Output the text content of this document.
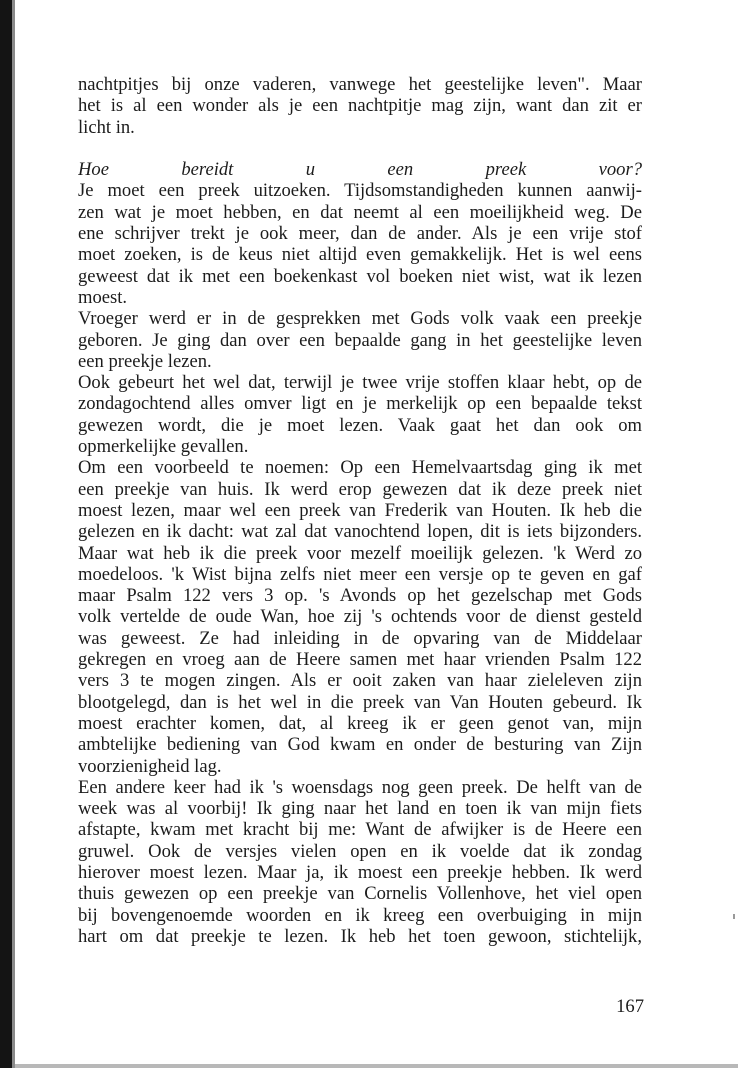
nachtpitjes bij onze vaderen, vanwege het geestelijke leven". Maar
het is al een wonder als je een nachtpitje mag zijn, want dan zit er
licht in.
Hoe bereidt u een preek voor?
Je moet een preek uitzoeken. Tijdsomstandigheden kunnen aanwij-
zen wat je moet hebben, en dat neemt al een moeilijkheid weg. De
ene schrijver trekt je ook meer, dan de ander. Als je een vrije stof
moet zoeken, is de keus niet altijd even gemakkelijk. Het is wel eens
geweest dat ik met een boekenkast vol boeken niet wist, wat ik lezen
moest.
Vroeger werd er in de gesprekken met Gods volk vaak een preekje
geboren. Je ging dan over een bepaalde gang in het geestelijke leven
een preekje lezen.
Ook gebeurt het wel dat, terwijl je twee vrije stoffen klaar hebt, op de
zondagochtend alles omver ligt en je merkelijk op een bepaalde tekst
gewezen wordt, die je moet lezen. Vaak gaat het dan ook om
opmerkelijke gevallen.
Om een voorbeeld te noemen: Op een Hemelvaartsdag ging ik met
een preekje van huis. Ik werd erop gewezen dat ik deze preek niet
moest lezen, maar wel een preek van Frederik van Houten. Ik heb die
gelezen en ik dacht: wat zal dat vanochtend lopen, dit is iets bijzonders.
Maar wat heb ik die preek voor mezelf moeilijk gelezen. 'k Werd zo
moedeloos. 'k Wist bijna zelfs niet meer een versje op te geven en gaf
maar Psalm 122 vers 3 op. 's Avonds op het gezelschap met Gods
volk vertelde de oude Wan, hoe zij 's ochtends voor de dienst gesteld
was geweest. Ze had inleiding in de opvaring van de Middelaar
gekregen en vroeg aan de Heere samen met haar vrienden Psalm 122
vers 3 te mogen zingen. Als er ooit zaken van haar zieleleven zijn
blootgelegd, dan is het wel in die preek van Van Houten gebeurd. Ik
moest erachter komen, dat, al kreeg ik er geen genot van, mijn
ambtelijke bediening van God kwam en onder de besturing van Zijn
voorzienigheid lag.
Een andere keer had ik 's woensdags nog geen preek. De helft van de
week was al voorbij! Ik ging naar het land en toen ik van mijn fiets
afstapte, kwam met kracht bij me: Want de afwijker is de Heere een
gruwel. Ook de versjes vielen open en ik voelde dat ik zondag
hierover moest lezen. Maar ja, ik moest een preekje hebben. Ik werd
thuis gewezen op een preekje van Cornelis Vollenhove, het viel open
bij bovengenoemde woorden en ik kreeg een overbuiging in mijn
hart om dat preekje te lezen. Ik heb het toen gewoon, stichtelijk,
167
